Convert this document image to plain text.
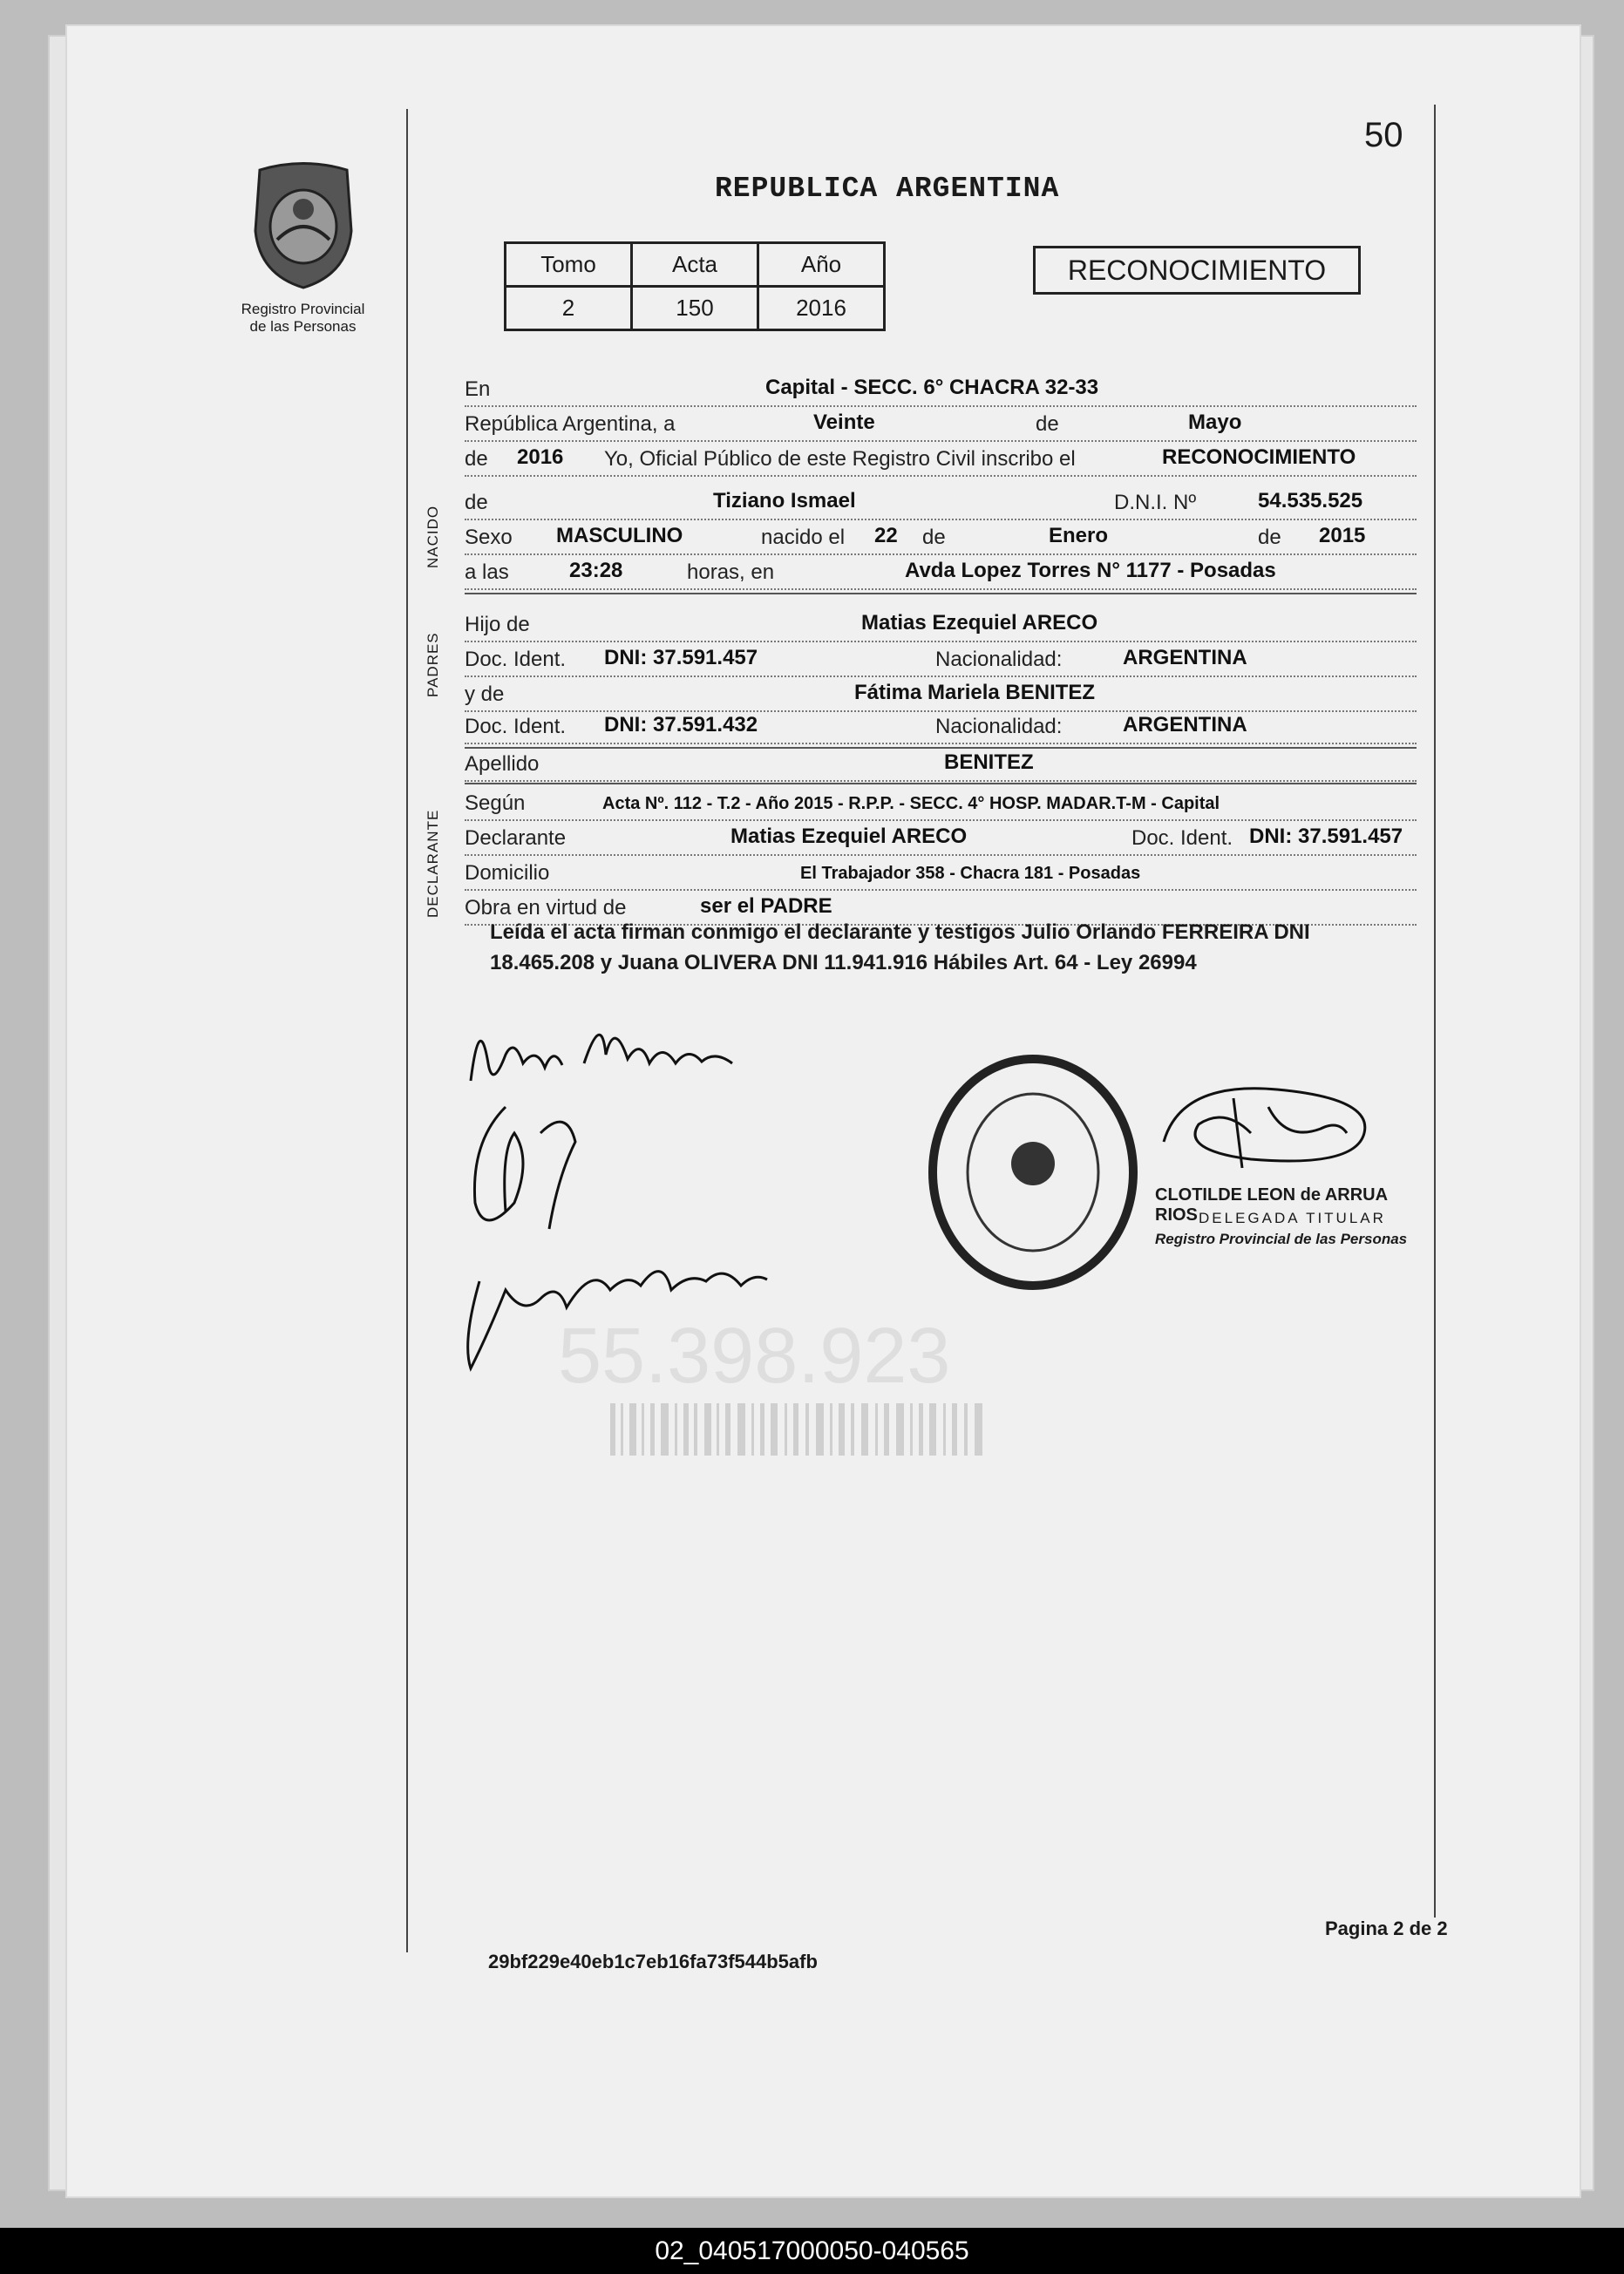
50
Registro Provincial
de las Personas
REPUBLICA ARGENTINA
Tomo	Acta	Año
2	150	2016
RECONOCIMIENTO
NACIDO
PADRES
DECLARANTE
En	Capital - SECC. 6° CHACRA 32-33
República Argentina, a	Veinte	de	Mayo
de 2016 Yo, Oficial Público de este Registro Civil inscribo el	RECONOCIMIENTO
de	Tiziano Ismael	D.N.I. Nº	54.535.525
Sexo MASCULINO	nacido el 22 de	Enero	de 2015
a las	23:28	horas, en	Avda Lopez Torres N° 1177 - Posadas
Hijo de	Matias Ezequiel ARECO
Doc. Ident. DNI: 37.591.457	Nacionalidad:	ARGENTINA
y de	Fátima Mariela BENITEZ
Doc. Ident. DNI: 37.591.432	Nacionalidad:	ARGENTINA
Apellido	BENITEZ
Según	Acta Nº. 112 - T.2 - Año 2015 - R.P.P. - SECC. 4° HOSP. MADAR.T-M - Capital
Declarante	Matias Ezequiel ARECO	Doc. Ident. DNI: 37.591.457
Domicilio	El Trabajador 358 - Chacra 181 - Posadas
Obra en virtud de	ser el PADRE
Leída el acta firman conmigo el declarante y testigos Julio Orlando FERREIRA DNI 18.465.208 y Juana OLIVERA DNI 11.941.916 Hábiles Art. 64 - Ley 26994
CLOTILDE LEON de ARRUA RIOS DELEGADA TITULAR
Registro Provincial de las Personas
55.398.923
Pagina 2 de 2
29bf229e40eb1c7eb16fa73f544b5afb
02_040517000050-040565
